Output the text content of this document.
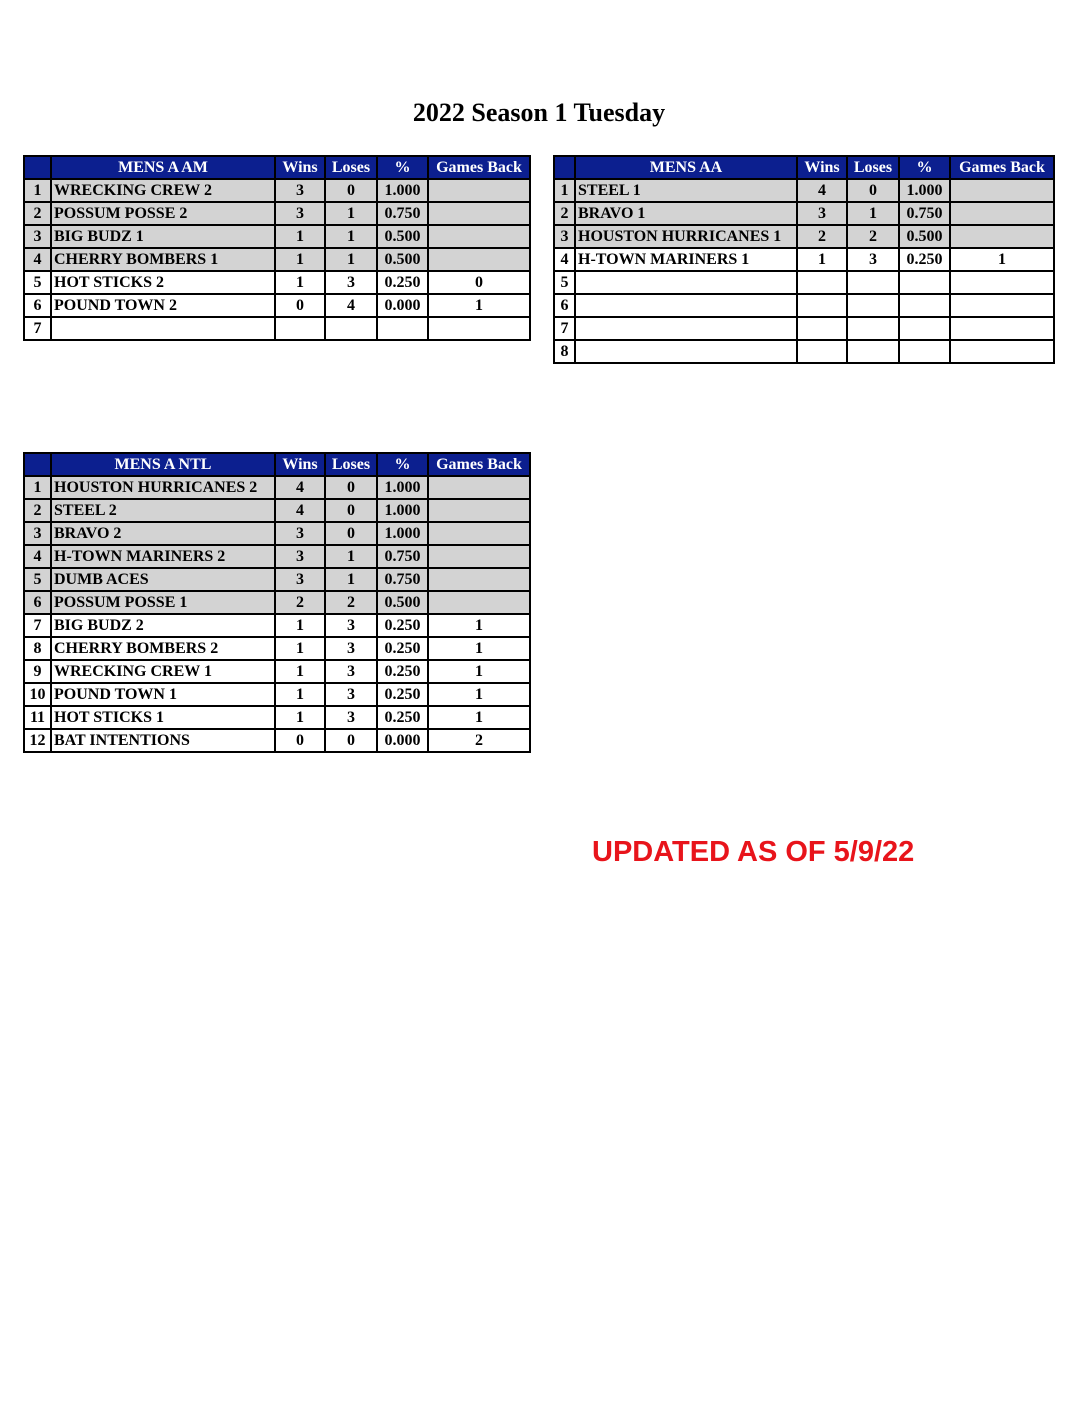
2022 Season 1 Tuesday
	MENS A AM	Wins	Loses	%	Games Back
1	WRECKING CREW 2	3	0	1.000	
2	POSSUM POSSE 2	3	1	0.750	
3	BIG BUDZ 1	1	1	0.500	
4	CHERRY BOMBERS 1	1	1	0.500	
5	HOT STICKS 2	1	3	0.250	0
6	POUND TOWN 2	0	4	0.000	1
7					
	MENS AA	Wins	Loses	%	Games Back
1	STEEL 1	4	0	1.000	
2	BRAVO 1	3	1	0.750	
3	HOUSTON HURRICANES 1	2	2	0.500	
4	H-TOWN MARINERS 1	1	3	0.250	1
5					
6					
7					
8					
	MENS A NTL	Wins	Loses	%	Games Back
1	HOUSTON HURRICANES 2	4	0	1.000	
2	STEEL 2	4	0	1.000	
3	BRAVO 2	3	0	1.000	
4	H-TOWN MARINERS 2	3	1	0.750	
5	DUMB ACES	3	1	0.750	
6	POSSUM POSSE 1	2	2	0.500	
7	BIG BUDZ 2	1	3	0.250	1
8	CHERRY BOMBERS 2	1	3	0.250	1
9	WRECKING CREW 1	1	3	0.250	1
10	POUND TOWN 1	1	3	0.250	1
11	HOT STICKS 1	1	3	0.250	1
12	BAT INTENTIONS	0	0	0.000	2
UPDATED AS OF 5/9/22
